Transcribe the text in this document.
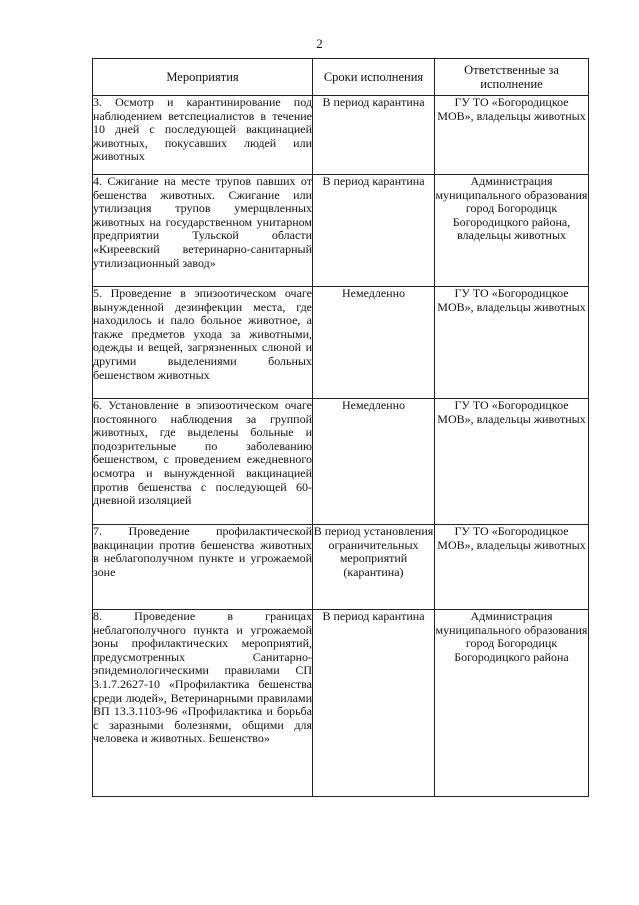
2
Мероприятия	Сроки исполнения	Ответственные за исполнение
3. Осмотр и карантинирование под наблюдением ветспециалистов в течение 10 дней с последующей вакцинацией животных, покусавших людей или животных	В период карантина	ГУ ТО «Богородицкое МОВ», владельцы животных
4. Сжигание на месте трупов павших от бешенства животных. Сжигание или утилизация трупов умерщвленных животных на государственном унитарном предприятии Тульской области «Киреевский ветеринарно-санитарный утилизационный завод»	В период карантина	Администрация муниципального образования город Богородицк Богородицкого района, владельцы животных
5. Проведение в эпизоотическом очаге вынужденной дезинфекции места, где находилось и пало больное животное, а также предметов ухода за животными, одежды и вещей, загрязненных слюной и другими выделениями больных бешенством животных	Немедленно	ГУ ТО «Богородицкое МОВ», владельцы животных
6. Установление в эпизоотическом очаге постоянного наблюдения за группой животных, где выделены больные и подозрительные по заболеванию бешенством, с проведением ежедневного осмотра и вынужденной вакцинацией против бешенства с последующей 60-дневной изоляцией	Немедленно	ГУ ТО «Богородицкое МОВ», владельцы животных
7. Проведение профилактической вакцинации против бешенства животных в неблагополучном пункте и угрожаемой зоне	В период установления ограничительных мероприятий (карантина)	ГУ ТО «Богородицкое МОВ», владельцы животных
8. Проведение в границах неблагополучного пункта и угрожаемой зоны профилактических мероприятий, предусмотренных Санитарно-эпидемиологическими правилами СП 3.1.7.2627-10 «Профилактика бешенства среди людей», Ветеринарными правилами ВП 13.3.1103-96 «Профилактика и борьба с заразными болезнями, общими для человека и животных. Бешенство»	В период карантина	Администрация муниципального образования город Богородицк Богородицкого района
